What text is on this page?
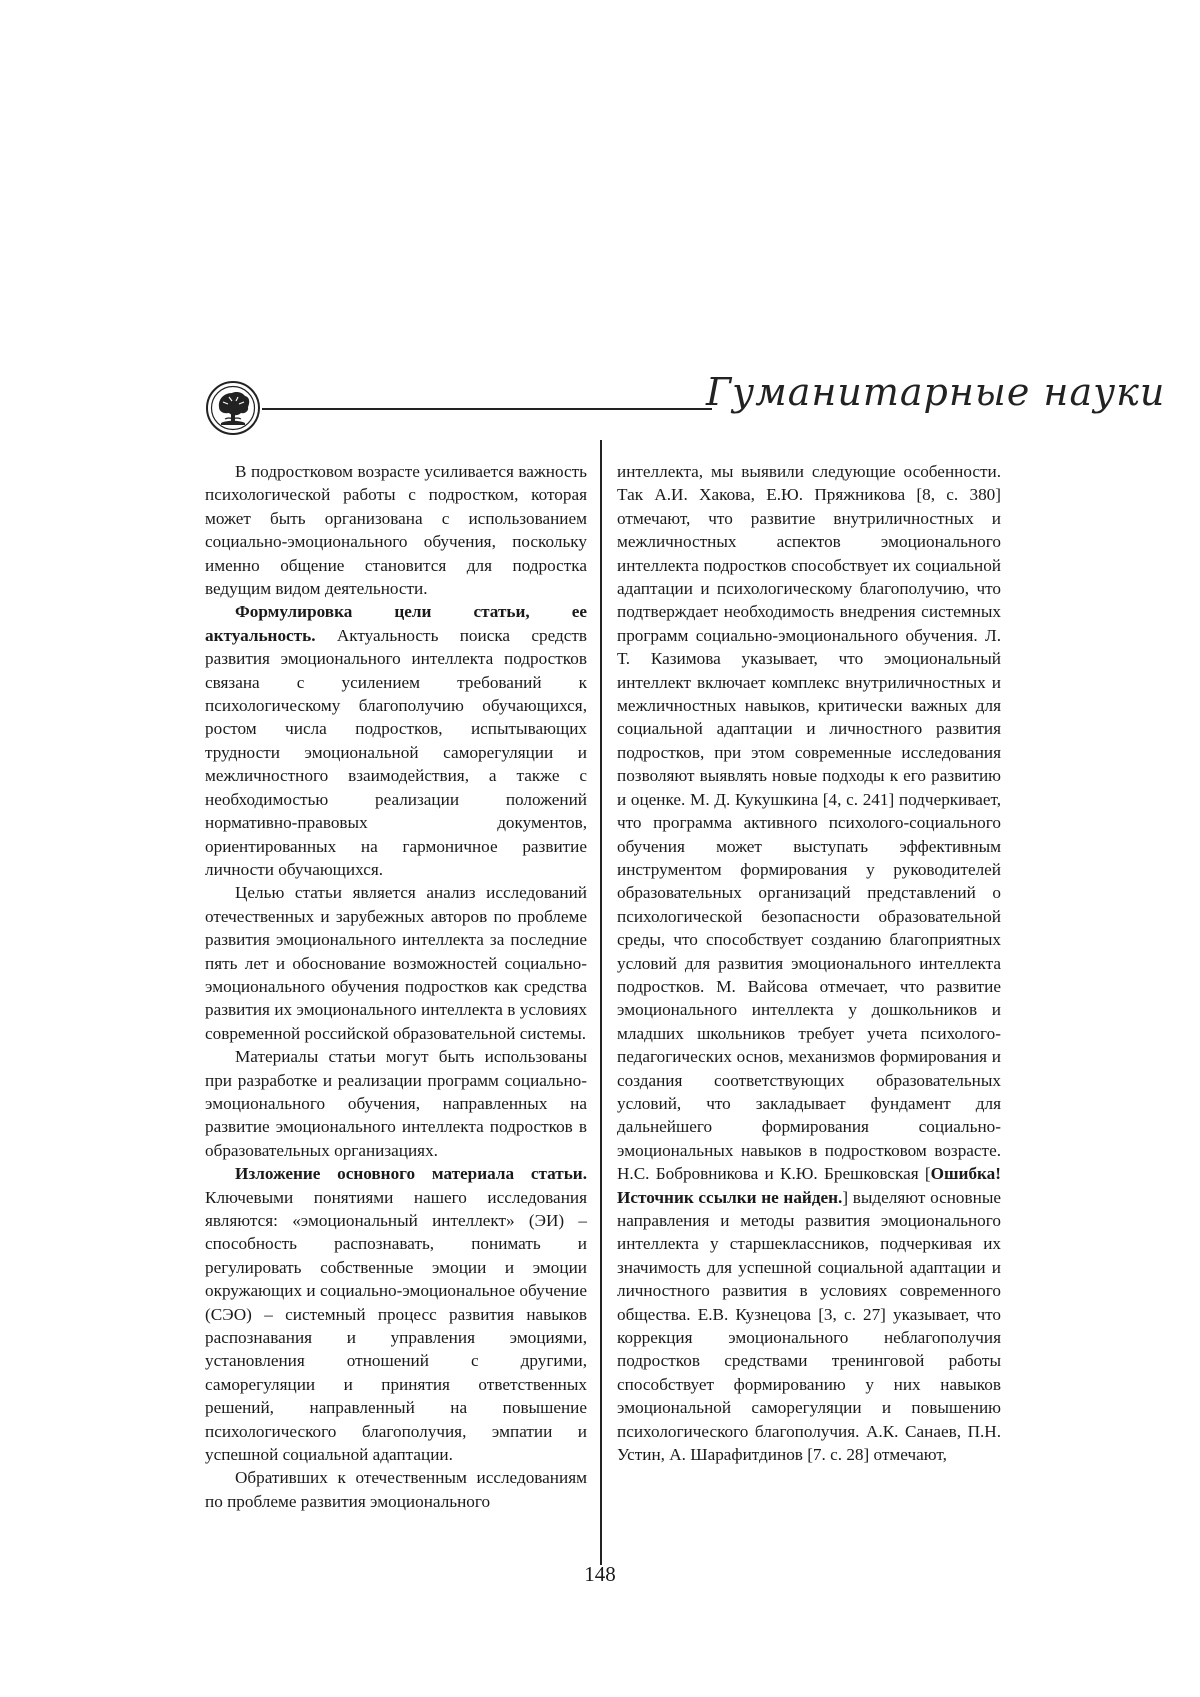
Гуманитарные науки

В подростковом возрасте усиливается важность психологической работы с подростком, которая может быть организована с использованием социально-эмоционального обучения, поскольку именно общение становится для подростка ведущим видом деятельности.

Формулировка цели статьи, ее актуальность. Актуальность поиска средств развития эмоционального интеллекта подростков связана с усилением требований к психологическому благополучию обучающихся, ростом числа подростков, испытывающих трудности эмоциональной саморегуляции и межличностного взаимодействия, а также с необходимостью реализации положений нормативно-правовых документов, ориентированных на гармоничное развитие личности обучающихся.

Целью статьи является анализ исследований отечественных и зарубежных авторов по проблеме развития эмоционального интеллекта за последние пять лет и обоснование возможностей социально-эмоционального обучения подростков как средства развития их эмоционального интеллекта в условиях современной российской образовательной системы.

Материалы статьи могут быть использованы при разработке и реализации программ социально-эмоционального обучения, направленных на развитие эмоционального интеллекта подростков в образовательных организациях.

Изложение основного материала статьи. Ключевыми понятиями нашего исследования являются: «эмоциональный интеллект» (ЭИ) – способность распознавать, понимать и регулировать собственные эмоции и эмоции окружающих и социально-эмоциональное обучение (СЭО) – системный процесс развития навыков распознавания и управления эмоциями, установления отношений с другими, саморегуляции и принятия ответственных решений, направленный на повышение психологического благополучия, эмпатии и успешной социальной адаптации.

Обративших к отечественным исследованиям по проблеме развития эмоционального

интеллекта, мы выявили следующие особенности. Так А.И. Хакова, Е.Ю. Пряжникова [8, с. 380] отмечают, что развитие внутриличностных и межличностных аспектов эмоционального интеллекта подростков способствует их социальной адаптации и психологическому благополучию, что подтверждает необходимость внедрения системных программ социально-эмоционального обучения. Л. Т. Казимова указывает, что эмоциональный интеллект включает комплекс внутриличностных и межличностных навыков, критически важных для социальной адаптации и личностного развития подростков, при этом современные исследования позволяют выявлять новые подходы к его развитию и оценке. М. Д. Кукушкина [4, с. 241] подчеркивает, что программа активного психолого-социального обучения может выступать эффективным инструментом формирования у руководителей образовательных организаций представлений о психологической безопасности образовательной среды, что способствует созданию благоприятных условий для развития эмоционального интеллекта подростков. М. Вайсова отмечает, что развитие эмоционального интеллекта у дошкольников и младших школьников требует учета психолого-педагогических основ, механизмов формирования и создания соответствующих образовательных условий, что закладывает фундамент для дальнейшего формирования социально-эмоциональных навыков в подростковом возрасте. Н.С. Бобровникова и К.Ю. Брешковская [Ошибка! Источник ссылки не найден.] выделяют основные направления и методы развития эмоционального интеллекта у старшеклассников, подчеркивая их значимость для успешной социальной адаптации и личностного развития в условиях современного общества. Е.В. Кузнецова [3, с. 27] указывает, что коррекция эмоционального неблагополучия подростков средствами тренинговой работы способствует формированию у них навыков эмоциональной саморегуляции и повышению психологического благополучия. А.К. Санаев, П.Н. Устин, А. Шарафитдинов [7. с. 28] отмечают,

148
